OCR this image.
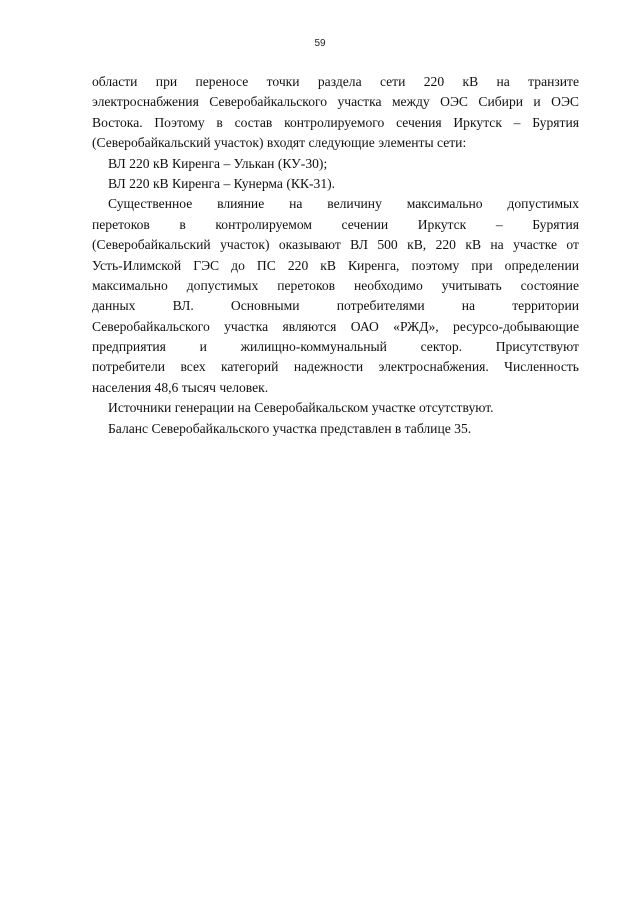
59
области при переносе точки раздела сети 220 кВ на транзите
электроснабжения Северобайкальского участка между ОЭС Сибири и ОЭС
Востока. Поэтому в состав контролируемого сечения Иркутск – Бурятия
(Северобайкальский участок) входят следующие элементы сети:
ВЛ 220 кВ Киренга – Улькан (КУ-30);
ВЛ 220 кВ Киренга – Кунерма (КК-31).
Существенное влияние на величину максимально допустимых
перетоков в контролируемом сечении Иркутск – Бурятия
(Северобайкальский участок) оказывают ВЛ 500 кВ, 220 кВ на участке от
Усть-Илимской ГЭС до ПС 220 кВ Киренга, поэтому при определении
максимально допустимых перетоков необходимо учитывать состояние
данных ВЛ. Основными потребителями на территории
Северобайкальского участка являются ОАО «РЖД», ресурсо-добывающие
предприятия и жилищно-коммунальный сектор. Присутствуют
потребители всех категорий надежности электроснабжения. Численность
населения 48,6 тысяч человек.
Источники генерации на Северобайкальском участке отсутствуют.
Баланс Северобайкальского участка представлен в таблице 35.
